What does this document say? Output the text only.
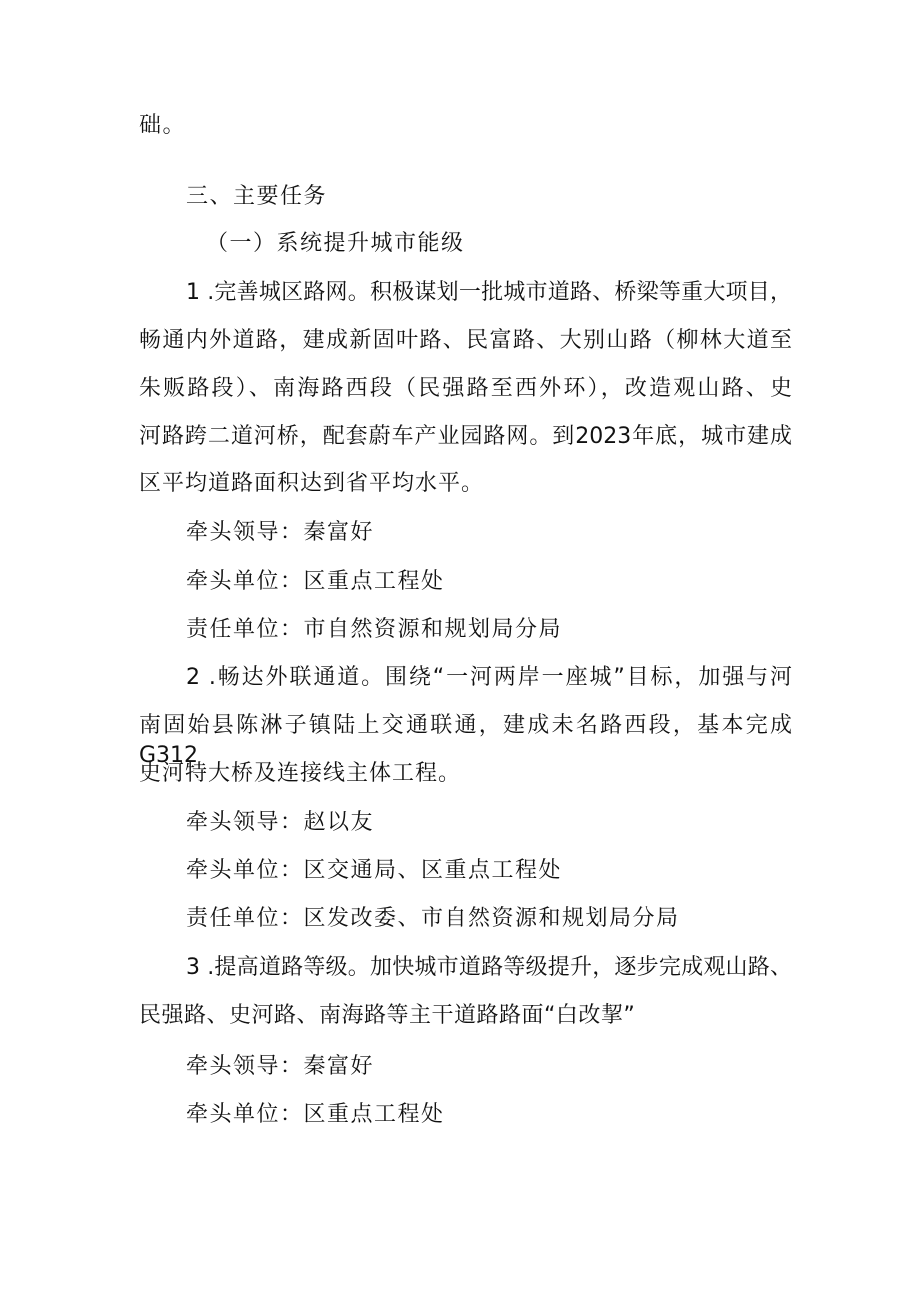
础。
三、主要任务
（一）系统提升城市能级
1 .完善城区路网。积极谋划一批城市道路、桥梁等重大项目，
畅通内外道路，建成新固叶路、民富路、大别山路（柳林大道至
朱贩路段）、南海路西段（民强路至西外环），改造观山路、史
河路跨二道河桥，配套蔚车产业园路网。到2023年底，城市建成
区平均道路面积达到省平均水平。
牵头领导：秦富好
牵头单位：区重点工程处
责任单位：市自然资源和规划局分局
2 .畅达外联通道。围绕“一河两岸一座城”目标，加强与河
南固始县陈淋子镇陆上交通联通，建成未名路西段，基本完成G312
史河特大桥及连接线主体工程。
牵头领导：赵以友
牵头单位：区交通局、区重点工程处
责任单位：区发改委、市自然资源和规划局分局
3 .提高道路等级。加快城市道路等级提升，逐步完成观山路、
民强路、史河路、南海路等主干道路路面“白改挈”
牵头领导：秦富好
牵头单位：区重点工程处
